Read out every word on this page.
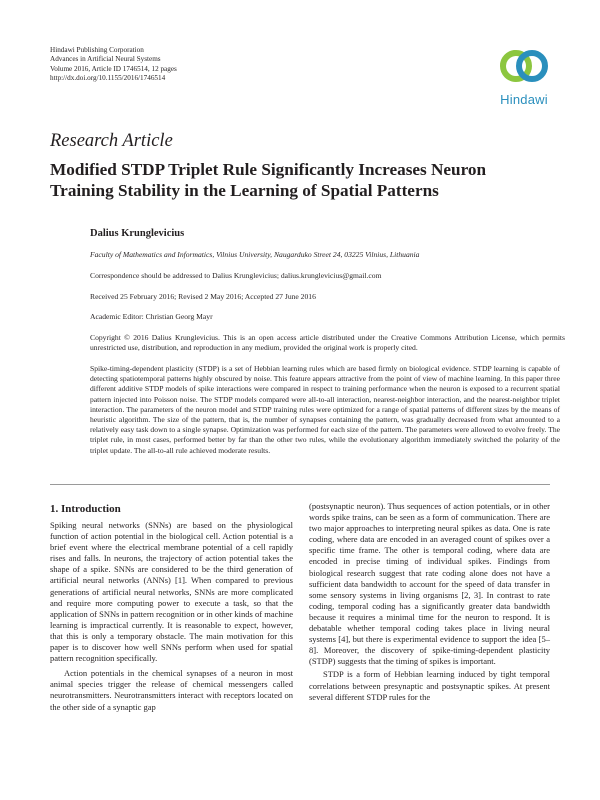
Hindawi Publishing Corporation
Advances in Artificial Neural Systems
Volume 2016, Article ID 1746514, 12 pages
http://dx.doi.org/10.1155/2016/1746514
Hindawi
Research Article
Modified STDP Triplet Rule Significantly Increases Neuron
Training Stability in the Learning of Spatial Patterns
Dalius Krunglevicius
Faculty of Mathematics and Informatics, Vilnius University, Naugarduko Street 24, 03225 Vilnius, Lithuania
Correspondence should be addressed to Dalius Krunglevicius; dalius.krunglevicius@gmail.com
Received 25 February 2016; Revised 2 May 2016; Accepted 27 June 2016
Academic Editor: Christian Georg Mayr
Copyright © 2016 Dalius Krunglevicius. This is an open access article distributed under the Creative Commons Attribution License, which permits unrestricted use, distribution, and reproduction in any medium, provided the original work is properly cited.
Spike-timing-dependent plasticity (STDP) is a set of Hebbian learning rules which are based firmly on biological evidence. STDP learning is capable of detecting spatiotemporal patterns highly obscured by noise. This feature appears attractive from the point of view of machine learning. In this paper three different additive STDP models of spike interactions were compared in respect to training performance when the neuron is exposed to a recurrent spatial pattern injected into Poisson noise. The STDP models compared were all-to-all interaction, nearest-neighbor interaction, and the nearest-neighbor triplet interaction. The parameters of the neuron model and STDP training rules were optimized for a range of spatial patterns of different sizes by the means of heuristic algorithm. The size of the pattern, that is, the number of synapses containing the pattern, was gradually decreased from what amounted to a relatively easy task down to a single synapse. Optimization was performed for each size of the pattern. The parameters were allowed to evolve freely. The triplet rule, in most cases, performed better by far than the other two rules, while the evolutionary algorithm immediately switched the polarity of the triplet update. The all-to-all rule achieved moderate results.
1. Introduction

Spiking neural networks (SNNs) are based on the physiological function of action potential in the biological cell. Action potential is a brief event where the electrical membrane potential of a cell rapidly rises and falls. In neurons, the trajectory of action potential takes the shape of a spike. SNNs are considered to be the third generation of artificial neural networks (ANNs) [1]. When compared to previous generations of artificial neural networks, SNNs are more complicated and require more computing power to execute a task, so that the application of SNNs in pattern recognition or in other kinds of machine learning is impractical currently. It is reasonable to expect, however, that this is only a temporary obstacle. The main motivation for this paper is to discover how well SNNs perform when used for spatial pattern recognition specifically.

Action potentials in the chemical synapses of a neuron in most animal species trigger the release of chemical messengers called neurotransmitters. Neurotransmitters interact with receptors located on the other side of a synaptic gap

(postsynaptic neuron). Thus sequences of action potentials, or in other words spike trains, can be seen as a form of communication. There are two major approaches to interpreting neural spikes as data. One is rate coding, where data are encoded in an averaged count of spikes over a specific time frame. The other is temporal coding, where data are encoded in precise timing of individual spikes. Findings from biological research suggest that rate coding alone does not have a sufficient data bandwidth to account for the speed of data transfer in some sensory systems in living organisms [2, 3]. In contrast to rate coding, temporal coding has a significantly greater data bandwidth because it requires a minimal time for the neuron to respond. It is debatable whether temporal coding takes place in living neural systems [4], but there is experimental evidence to support the idea [5–8]. Moreover, the discovery of spike-timing-dependent plasticity (STDP) suggests that the timing of spikes is important.

STDP is a form of Hebbian learning induced by tight temporal correlations between presynaptic and postsynaptic spikes. At present several different STDP rules for the
